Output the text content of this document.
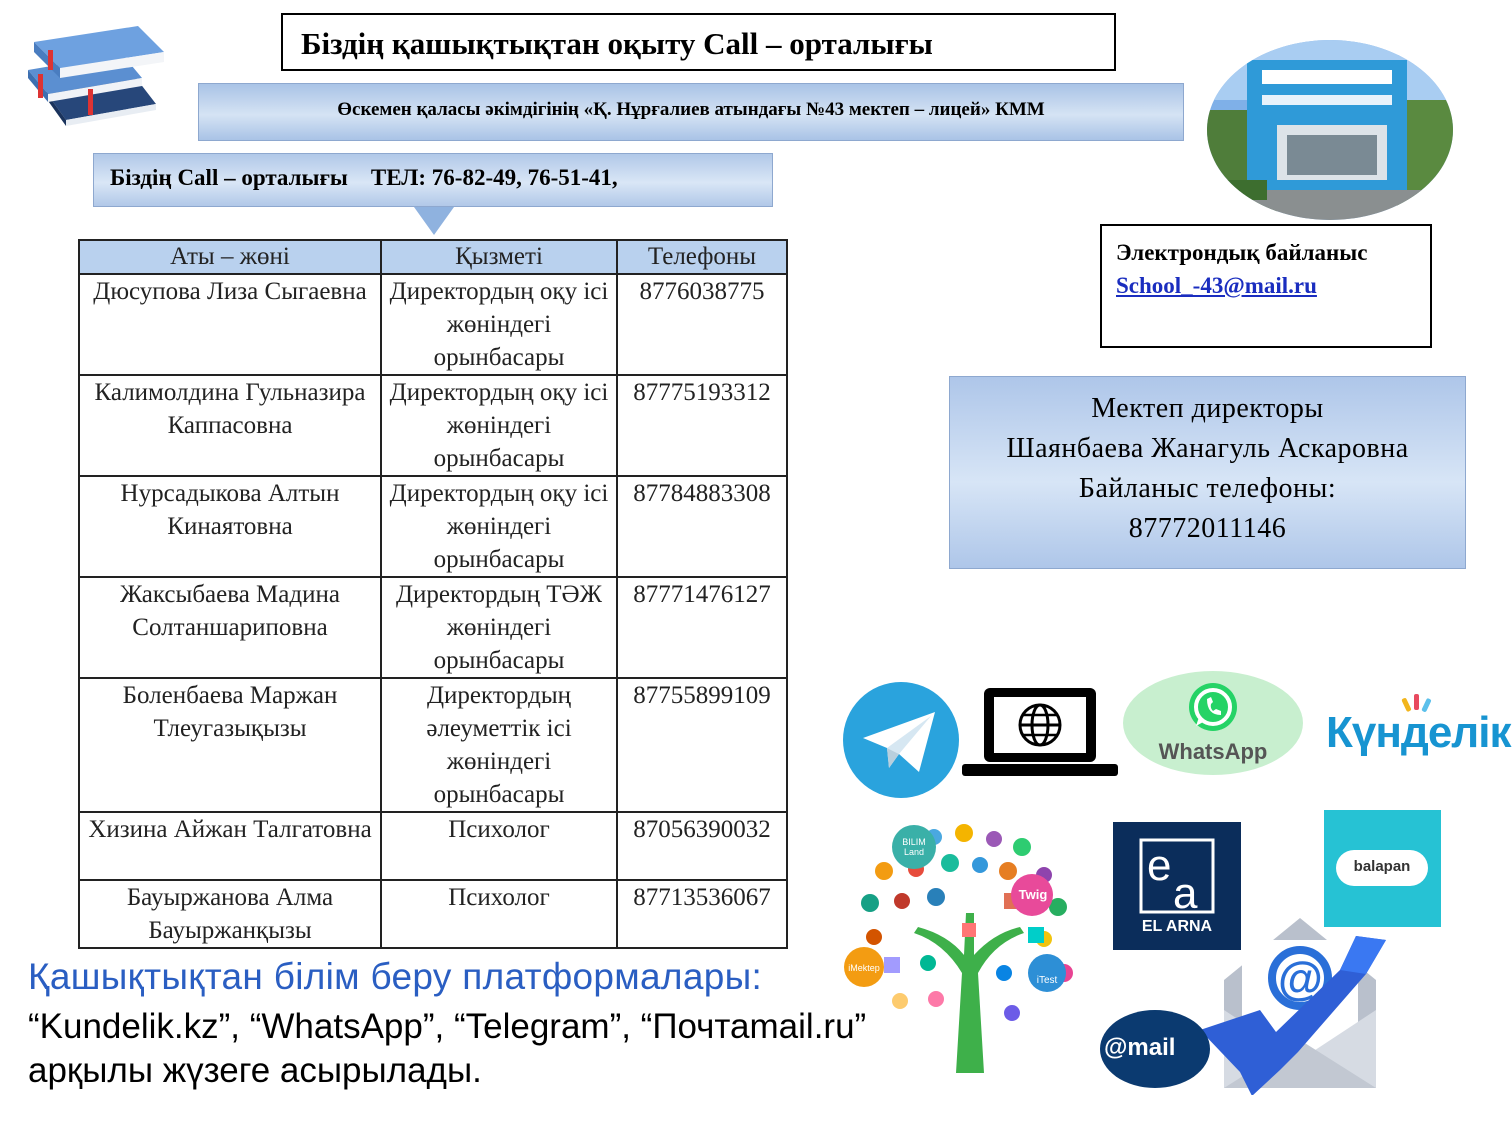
Біздің қашықтықтан оқыту Call – орталығы
Өскемен қаласы әкімдігінің «Қ. Нұрғалиев атындағы №43 мектеп – лицей» КММ
Біздің Call – орталығы    ТЕЛ: 76-82-49, 76-51-41,
Аты – жөні	Қызметі	Телефоны
Дюсупова Лиза Сыгаевна	Директордың оқу ісі жөніндегі орынбасары	8776038775
Калимолдина Гульназира Каппасовна	Директордың оқу ісі жөніндегі орынбасары	87775193312
Нурсадыкова Алтын Кинаятовна	Директордың оқу ісі жөніндегі орынбасары	87784883308
Жаксыбаева Мадина Солтаншариповна	Директордың ТӘЖ жөніндегі орынбасары	87771476127
Боленбаева Маржан Тлеугазықызы	Директордың әлеуметтік ісі жөніндегі орынбасары	87755899109
Хизина Айжан Талгатовна	Психолог	87056390032
Бауыржанова Алма Бауыржанқызы	Психолог	87713536067
Электрондық байланыс
School_-43@mail.ru
Мектеп директоры
Шаянбаева Жанагуль Аскаровна
Байланыс телефоны:
87772011146
WhatsApp	Күнделік
BILIM Land
Twig
iMektep
iTest
e
a
EL ARNA
balapan
@
@mail
Қашықтықтан білім беру платформалары:
“Kundelik.kz”, “WhatsApp”, “Telegram”, “Почтаmail.ru”
арқылы жүзеге асырылады.
